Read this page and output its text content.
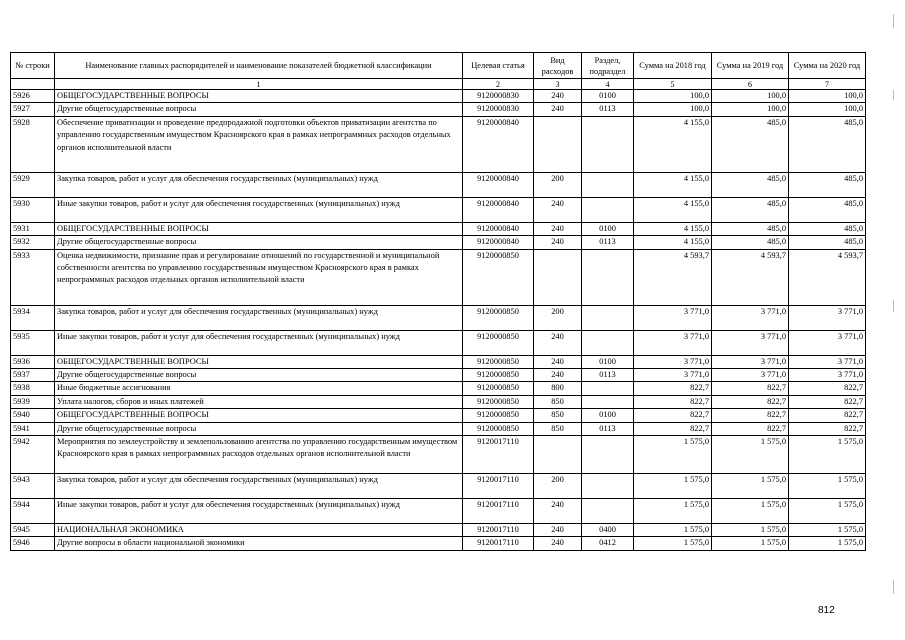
№ строки	Наименование главных распорядителей и наименование показателей бюджетной классификации	Целевая статья	Вид расходов	Раздел, подраздел	Сумма на 2018 год	Сумма на 2019 год	Сумма на 2020 год
	1	2	3	4	5	6	7
5926	ОБЩЕГОСУДАРСТВЕННЫЕ ВОПРОСЫ	9120000830	240	0100	100,0	100,0	100,0
5927	Другие общегосударственные вопросы	9120000830	240	0113	100,0	100,0	100,0
5928	Обеспечение приватизации и проведение предпродажной подготовки объектов приватизации агентства по управлению государственным имуществом Красноярского края в рамках непрограммных расходов отдельных органов исполнительной власти	9120000840			4 155,0	485,0	485,0
5929	Закупка товаров, работ и услуг для обеспечения государственных (муниципальных) нужд	9120000840	200		4 155,0	485,0	485,0
5930	Иные закупки товаров, работ и услуг для обеспечения государственных (муниципальных) нужд	9120000840	240		4 155,0	485,0	485,0
5931	ОБЩЕГОСУДАРСТВЕННЫЕ ВОПРОСЫ	9120000840	240	0100	4 155,0	485,0	485,0
5932	Другие общегосударственные вопросы	9120000840	240	0113	4 155,0	485,0	485,0
5933	Оценка недвижимости, признание прав и регулирование отношений по государственной и муниципальной собственности агентства по управлению государственным имуществом Красноярского края в рамках непрограммных расходов отдельных органов исполнительной власти	9120000850			4 593,7	4 593,7	4 593,7
5934	Закупка товаров, работ и услуг для обеспечения государственных (муниципальных) нужд	9120000850	200		3 771,0	3 771,0	3 771,0
5935	Иные закупки товаров, работ и услуг для обеспечения государственных (муниципальных) нужд	9120000850	240		3 771,0	3 771,0	3 771,0
5936	ОБЩЕГОСУДАРСТВЕННЫЕ ВОПРОСЫ	9120000850	240	0100	3 771,0	3 771,0	3 771,0
5937	Другие общегосударственные вопросы	9120000850	240	0113	3 771,0	3 771,0	3 771,0
5938	Иные бюджетные ассигнования	9120000850	800		822,7	822,7	822,7
5939	Уплата налогов, сборов и иных платежей	9120000850	850		822,7	822,7	822,7
5940	ОБЩЕГОСУДАРСТВЕННЫЕ ВОПРОСЫ	9120000850	850	0100	822,7	822,7	822,7
5941	Другие общегосударственные вопросы	9120000850	850	0113	822,7	822,7	822,7
5942	Мероприятия по землеустройству и землепользованию агентства по управлению государственным имуществом Красноярского края в рамках непрограммных расходов отдельных органов исполнительной власти	9120017110			1 575,0	1 575,0	1 575,0
5943	Закупка товаров, работ и услуг для обеспечения государственных (муниципальных) нужд	9120017110	200		1 575,0	1 575,0	1 575,0
5944	Иные закупки товаров, работ и услуг для обеспечения государственных (муниципальных) нужд	9120017110	240		1 575,0	1 575,0	1 575,0
5945	НАЦИОНАЛЬНАЯ ЭКОНОМИКА	9120017110	240	0400	1 575,0	1 575,0	1 575,0
5946	Другие вопросы в области национальной экономики	9120017110	240	0412	1 575,0	1 575,0	1 575,0
812
